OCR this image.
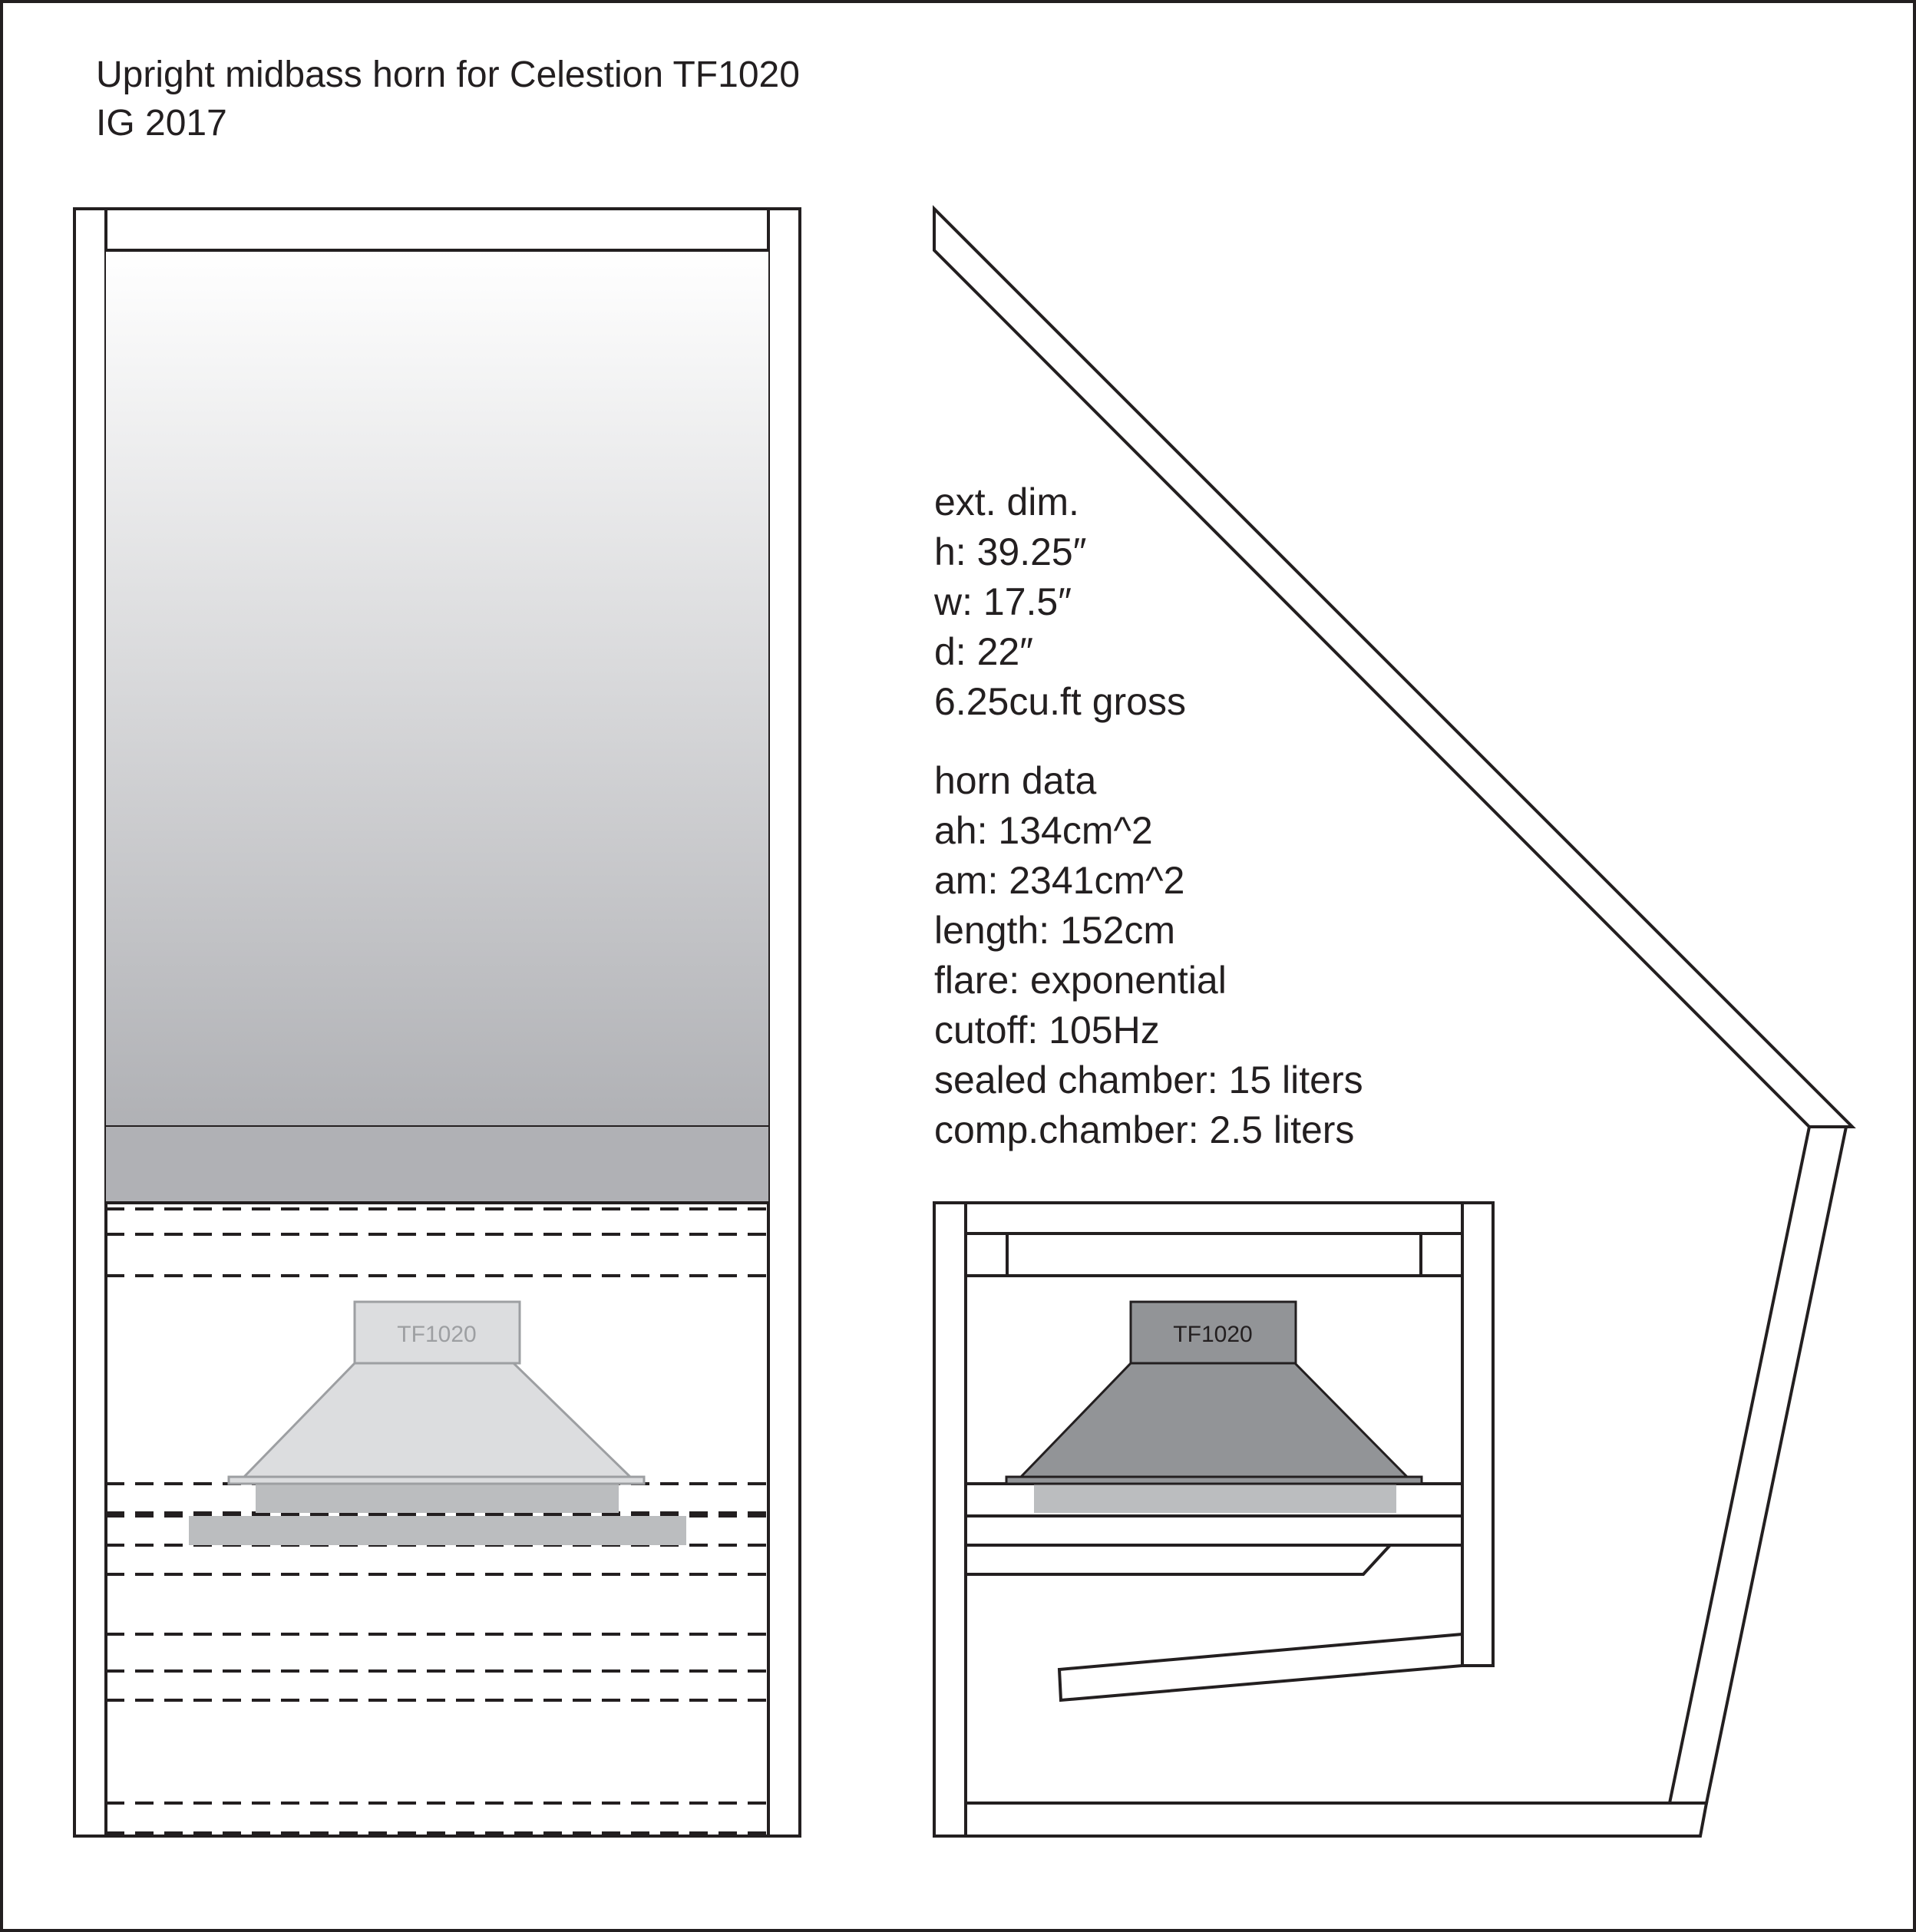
TF1020	TF1020
Upright midbass horn for Celestion TF1020
IG 2017
ext. dim.
h: 39.25″
w: 17.5″
d: 22″
6.25cu.ft gross
horn data
ah: 134cm^2
am: 2341cm^2
length: 152cm
flare: exponential
cutoff: 105Hz
sealed chamber: 15 liters
comp.chamber: 2.5 liters
